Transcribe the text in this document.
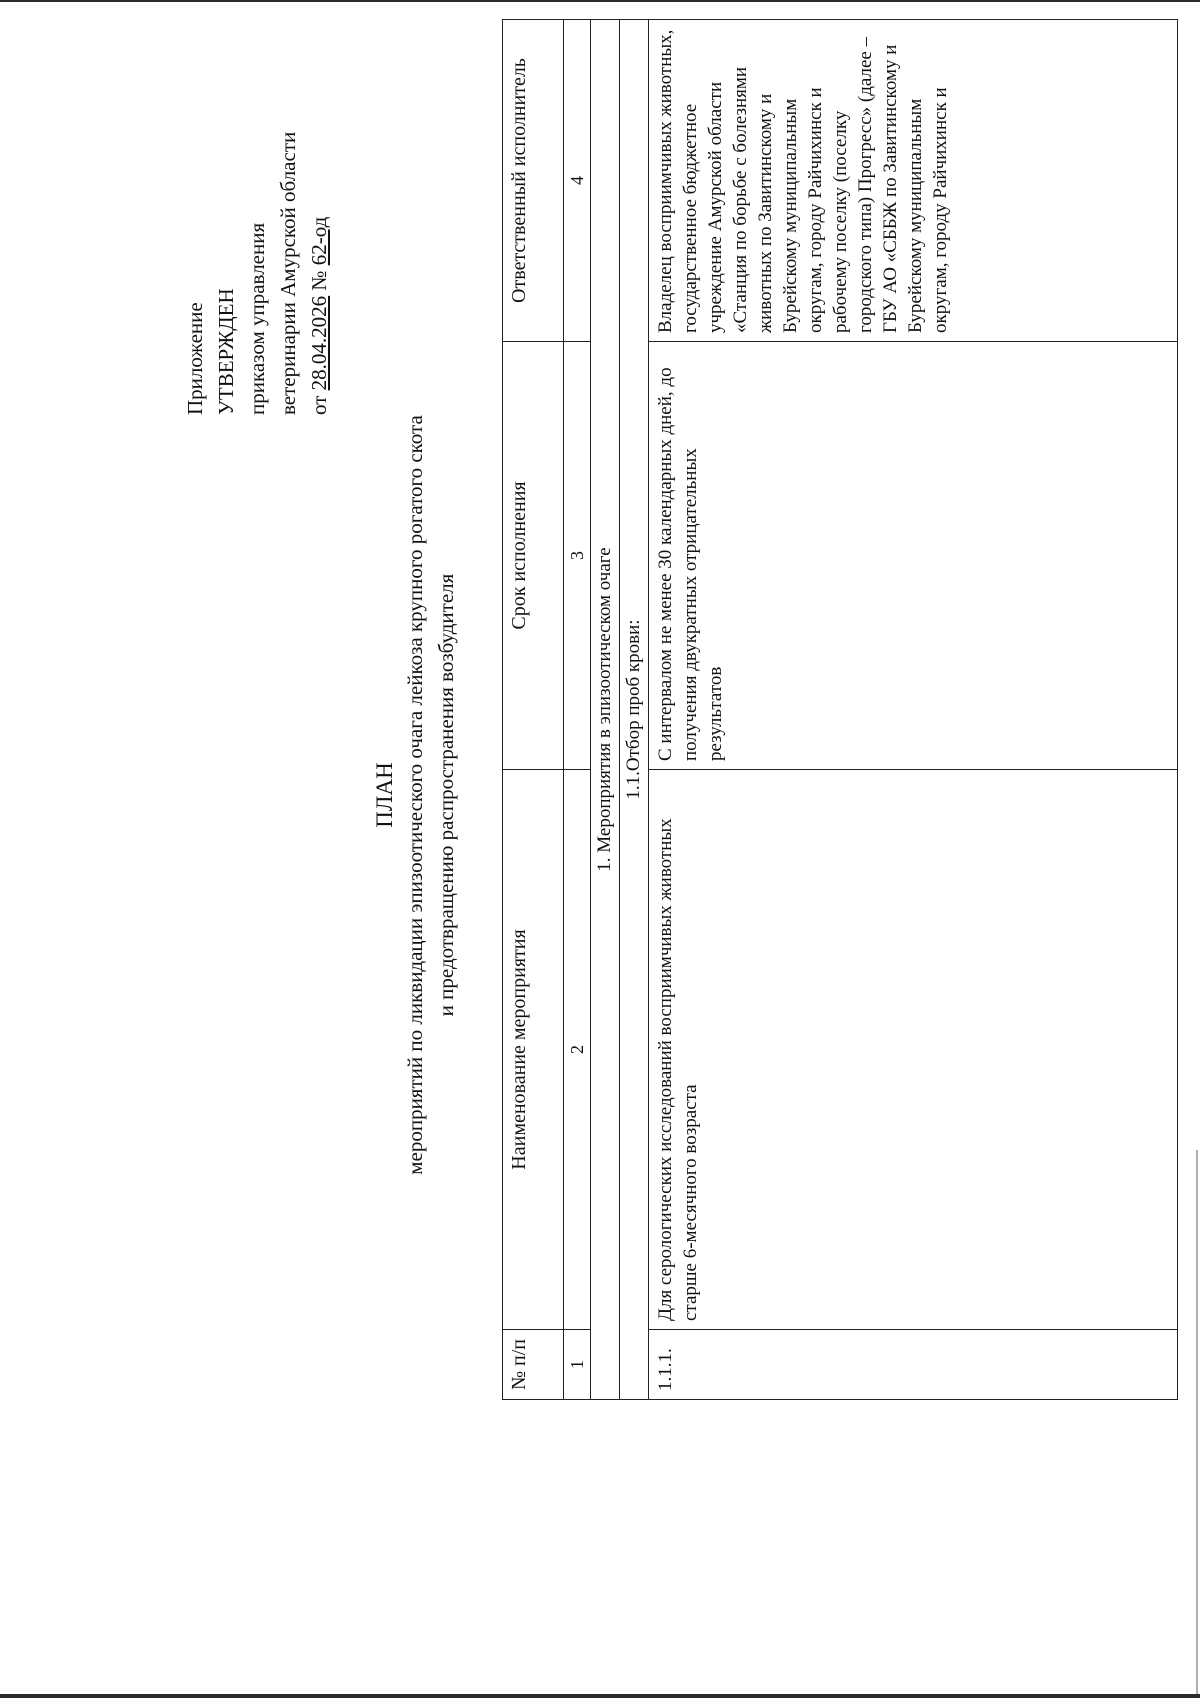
Приложение УТВЕРЖДЕН приказом управления ветеринарии Амурской области от 28.04.2026 № 62-од
ПЛАН мероприятий по ликвидации эпизоотического очага лейкоза крупного рогатого скота и предотвращению распространения возбудителя
№ п/п	Наименование мероприятия	Срок исполнения	Ответственный исполнитель
1	2	3	4
1. Мероприятия в эпизоотическом очаге			
1.1.Отбор проб крови:			
1.1.1.	Для серологических исследований восприимчивых животных старше 6-месячного возраста	С интервалом не менее 30 календарных дней, до получения двукратных отрицательных результатов	Владелец восприимчивых животных, государственное бюджетное учреждение Амурской области «Станция по борьбе с болезнями животных по Завитинскому и Бурейскому муниципальным округам, городу Райчихинск и рабочему поселку (поселку городского типа) Прогресс» (далее – ГБУ АО «СББЖ по Завитинскому и Бурейскому муниципальным округам, городу Райчихинск и
